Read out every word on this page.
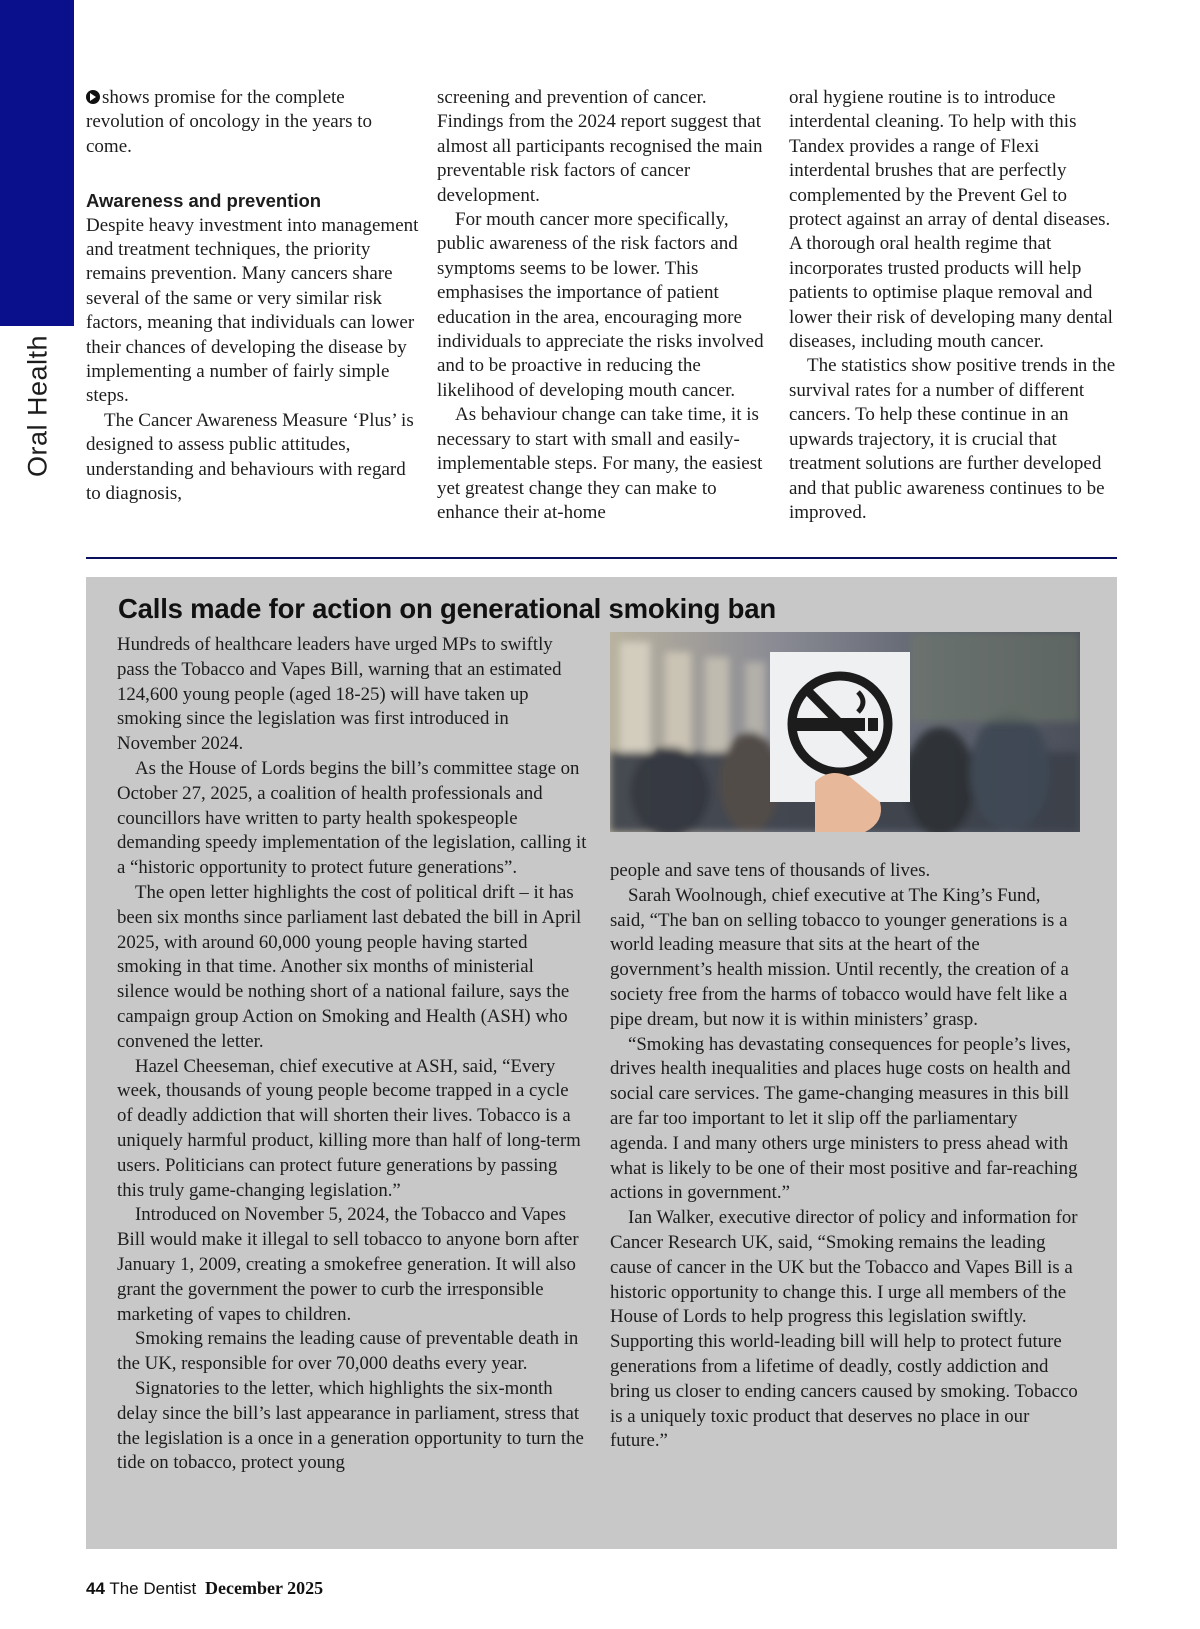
Oral Health

shows promise for the complete revolution of oncology in the years to come.

Awareness and prevention

Despite heavy investment into management and treatment techniques, the priority remains prevention. Many cancers share several of the same or very similar risk factors, meaning that individuals can lower their chances of developing the disease by implementing a number of fairly simple steps.

The Cancer Awareness Measure ‘Plus’ is designed to assess public attitudes, understanding and behaviours with regard to diagnosis,

screening and prevention of cancer. Findings from the 2024 report suggest that almost all participants recognised the main preventable risk factors of cancer development.

For mouth cancer more specifically, public awareness of the risk factors and symptoms seems to be lower. This emphasises the importance of patient education in the area, encouraging more individuals to appreciate the risks involved and to be proactive in reducing the likelihood of developing mouth cancer.

As behaviour change can take time, it is necessary to start with small and easily-implementable steps. For many, the easiest yet greatest change they can make to enhance their at-home

oral hygiene routine is to introduce interdental cleaning. To help with this Tandex provides a range of Flexi interdental brushes that are perfectly complemented by the Prevent Gel to protect against an array of dental diseases. A thorough oral health regime that incorporates trusted products will help patients to optimise plaque removal and lower their risk of developing many dental diseases, including mouth cancer.

The statistics show positive trends in the survival rates for a number of different cancers. To help these continue in an upwards trajectory, it is crucial that treatment solutions are further developed and that public awareness continues to be improved.

Calls made for action on generational smoking ban

Hundreds of healthcare leaders have urged MPs to swiftly pass the Tobacco and Vapes Bill, warning that an estimated 124,600 young people (aged 18-25) will have taken up smoking since the legislation was first introduced in November 2024.

As the House of Lords begins the bill’s committee stage on October 27, 2025, a coalition of health professionals and councillors have written to party health spokespeople demanding speedy implementation of the legislation, calling it a “historic opportunity to protect future generations”.

The open letter highlights the cost of political drift – it has been six months since parliament last debated the bill in April 2025, with around 60,000 young people having started smoking in that time. Another six months of ministerial silence would be nothing short of a national failure, says the campaign group Action on Smoking and Health (ASH) who convened the letter.

Hazel Cheeseman, chief executive at ASH, said, “Every week, thousands of young people become trapped in a cycle of deadly addiction that will shorten their lives. Tobacco is a uniquely harmful product, killing more than half of long-term users. Politicians can protect future generations by passing this truly game-changing legislation.”

Introduced on November 5, 2024, the Tobacco and Vapes Bill would make it illegal to sell tobacco to anyone born after January 1, 2009, creating a smokefree generation. It will also grant the government the power to curb the irresponsible marketing of vapes to children.

Smoking remains the leading cause of preventable death in the UK, responsible for over 70,000 deaths every year.

Signatories to the letter, which highlights the six-month delay since the bill’s last appearance in parliament, stress that the legislation is a once in a generation opportunity to turn the tide on tobacco, protect young

people and save tens of thousands of lives.

Sarah Woolnough, chief executive at The King’s Fund, said, “The ban on selling tobacco to younger generations is a world leading measure that sits at the heart of the government’s health mission. Until recently, the creation of a society free from the harms of tobacco would have felt like a pipe dream, but now it is within ministers’ grasp.

“Smoking has devastating consequences for people’s lives, drives health inequalities and places huge costs on health and social care services. The game-changing measures in this bill are far too important to let it slip off the parliamentary agenda. I and many others urge ministers to press ahead with what is likely to be one of their most positive and far-reaching actions in government.”

Ian Walker, executive director of policy and information for Cancer Research UK, said, “Smoking remains the leading cause of cancer in the UK but the Tobacco and Vapes Bill is a historic opportunity to change this. I urge all members of the House of Lords to help progress this legislation swiftly. Supporting this world-leading bill will help to protect future generations from a lifetime of deadly, costly addiction and bring us closer to ending cancers caused by smoking. Tobacco is a uniquely toxic product that deserves no place in our future.”

44 The Dentist December 2025
